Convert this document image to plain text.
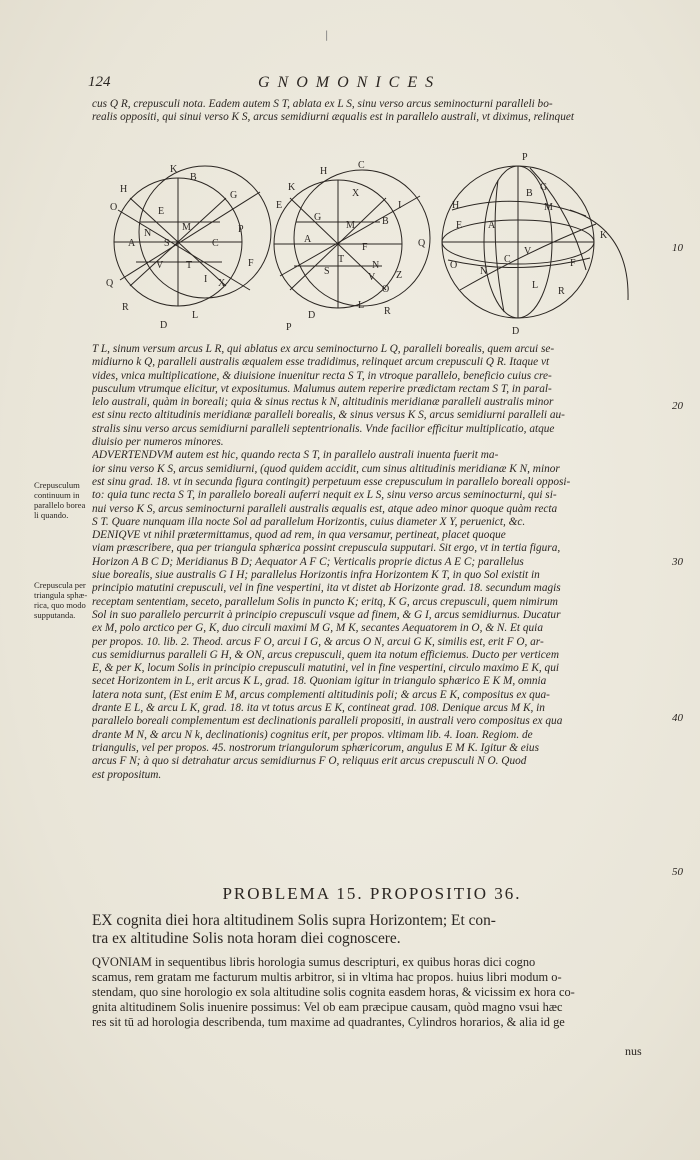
|
124	GNOMONICES
cus Q R, crepusculi nota. Eadem autem S T, ablata ex L S, sinu verso arcus seminocturni paralleli bo-
realis oppositi, qui sinui verso K S, arcus semidiurni æqualis est in parallelo australi, vt diximus, relinquet
H
K
B
O	E
A
N
S
M
V T
C
Q
R
L
X
F
G
D
I
P
K
H
C
E
A
M
T
S
V
N
O
Q
L
R
P
D
I
X
G
F
Z
B
P
H
B
G
E	A
C
K
N
O
M
V
F
L
R
D
T L, sinum versum arcus L R, qui ablatus ex arcu seminocturno L Q, paralleli borealis, quem arcui se-
midiurno k Q, paralleli australis æqualem esse tradidimus, relinquet arcum crepusculi Q R. Itaque vt
vides, vnica multiplicatione, & diuisione inuenitur recta S T, in vtroque parallelo, beneficio cuius cre-
pusculum vtrumque elicitur, vt expositumus. Malumus autem reperire prædictam rectam S T, in paral-
lelo australi, quàm in boreali; quia & sinus rectus k N, altitudinis meridianæ paralleli australis minor
est sinu recto altitudinis meridianæ paralleli borealis, & sinus versus K S, arcus semidiurni paralleli au-
stralis sinu verso arcus semidiurni paralleli septentrionalis. Vnde facilior efficitur multiplicatio, atque
diuisio per numeros minores.
ADVERTENDVM autem est hic, quando recta S T, in parallelo australi inuenta fuerit ma-
ior sinu verso K S, arcus semidiurni, (quod quidem accidit, cum sinus altitudinis meridianæ K N, minor
est sinu grad. 18. vt in secunda figura contingit) perpetuum esse crepusculum in parallelo boreali opposi-
to: quia tunc recta S T, in parallelo boreali auferri nequit ex L S, sinu verso arcus seminocturni, qui si-
nui verso K S, arcus seminocturni paralleli australis æqualis est, atque adeo minor quoque quàm recta
S T. Quare nunquam illa nocte Sol ad parallelum Horizontis, cuius diameter X Y, peruenict, &c.
DENIQVE vt nihil prætermittamus, quod ad rem, in qua versamur, pertineat, placet quoque
viam præscribere, qua per triangula sphærica possint crepuscula supputari. Sit ergo, vt in tertia figura,
Horizon A B C D; Meridianus B D; Aequator A F C; Verticalis proprie dictus A E C; parallelus
siue borealis, siue australis G I H; parallelus Horizontis infra Horizontem K T, in quo Sol existit in
principio matutini crepusculi, vel in fine vespertini, ita vt distet ab Horizonte grad. 18. secundum magis
receptam sententiam, seceto, parallelum Solis in puncto K; eritq, K G, arcus crepusculi, quem nimirum
Sol in suo parallelo percurrit à principio crepusculi vsque ad finem, & G I, arcus semidiurnus. Ducatur
ex M, polo arctico per G, K, duo circuli maximi M G, M K, secantes Aequatorem in O, & N. Et quia
per propos. 10. lib. 2. Theod. arcus F O, arcui I G, & arcus O N, arcui G K, similis est, erit F O, ar-
cus semidiurnus paralleli G H, & ON, arcus crepusculi, quem ita notum efficiemus. Ducto per verticem
E, & per K, locum Solis in principio crepusculi matutini, vel in fine vespertini, circulo maximo E K, qui
secet Horizontem in L, erit arcus K L, grad. 18. Quoniam igitur in triangulo sphærico E K M, omnia
latera nota sunt, (Est enim E M, arcus complementi altitudinis poli; & arcus E K, compositus ex qua-
drante E L, & arcu L K, grad. 18. ita vt totus arcus E K, contineat grad. 108. Denique arcus M K, in
parallelo boreali complementum est declinationis paralleli propositi, in australi vero compositus ex qua
drante M N, & arcu N k, declinationis) cognitus erit, per propos. vltimam lib. 4. Ioan. Regiom. de
triangulis, vel per propos. 45. nostrorum triangulorum sphæricorum, angulus E M K. Igitur & eius
arcus F N; à quo si detrahatur arcus semidiurnus F O, reliquus erit arcus crepusculi N O. Quod
est propositum.
Crepusculum
continuum in
parallelo borea
li quando.
Crepuscula per
triangula sphæ-
rica, quo modo
supputanda.
10
20
30
40
50
PROBLEMA 15. PROPOSITIO 36.
EX cognita diei hora altitudinem Solis supra Horizontem; Et con-
tra ex altitudine Solis nota horam diei cognoscere.
QVONIAM in sequentibus libris horologia sumus descripturi, ex quibus horas dici cogno
scamus, rem gratam me facturum multis arbitror, si in vltima hac propos. huius libri modum o-
stendam, quo sine horologio ex sola altitudine solis cognita easdem horas, & vicissim ex hora co-
gnita altitudinem Solis inuenire possimus: Vel ob eam præcipue causam, quòd magno vsui hæc
res sit tū ad horologia describenda, tum maxime ad quadrantes, Cylindros horarios, & alia id ge
nus
